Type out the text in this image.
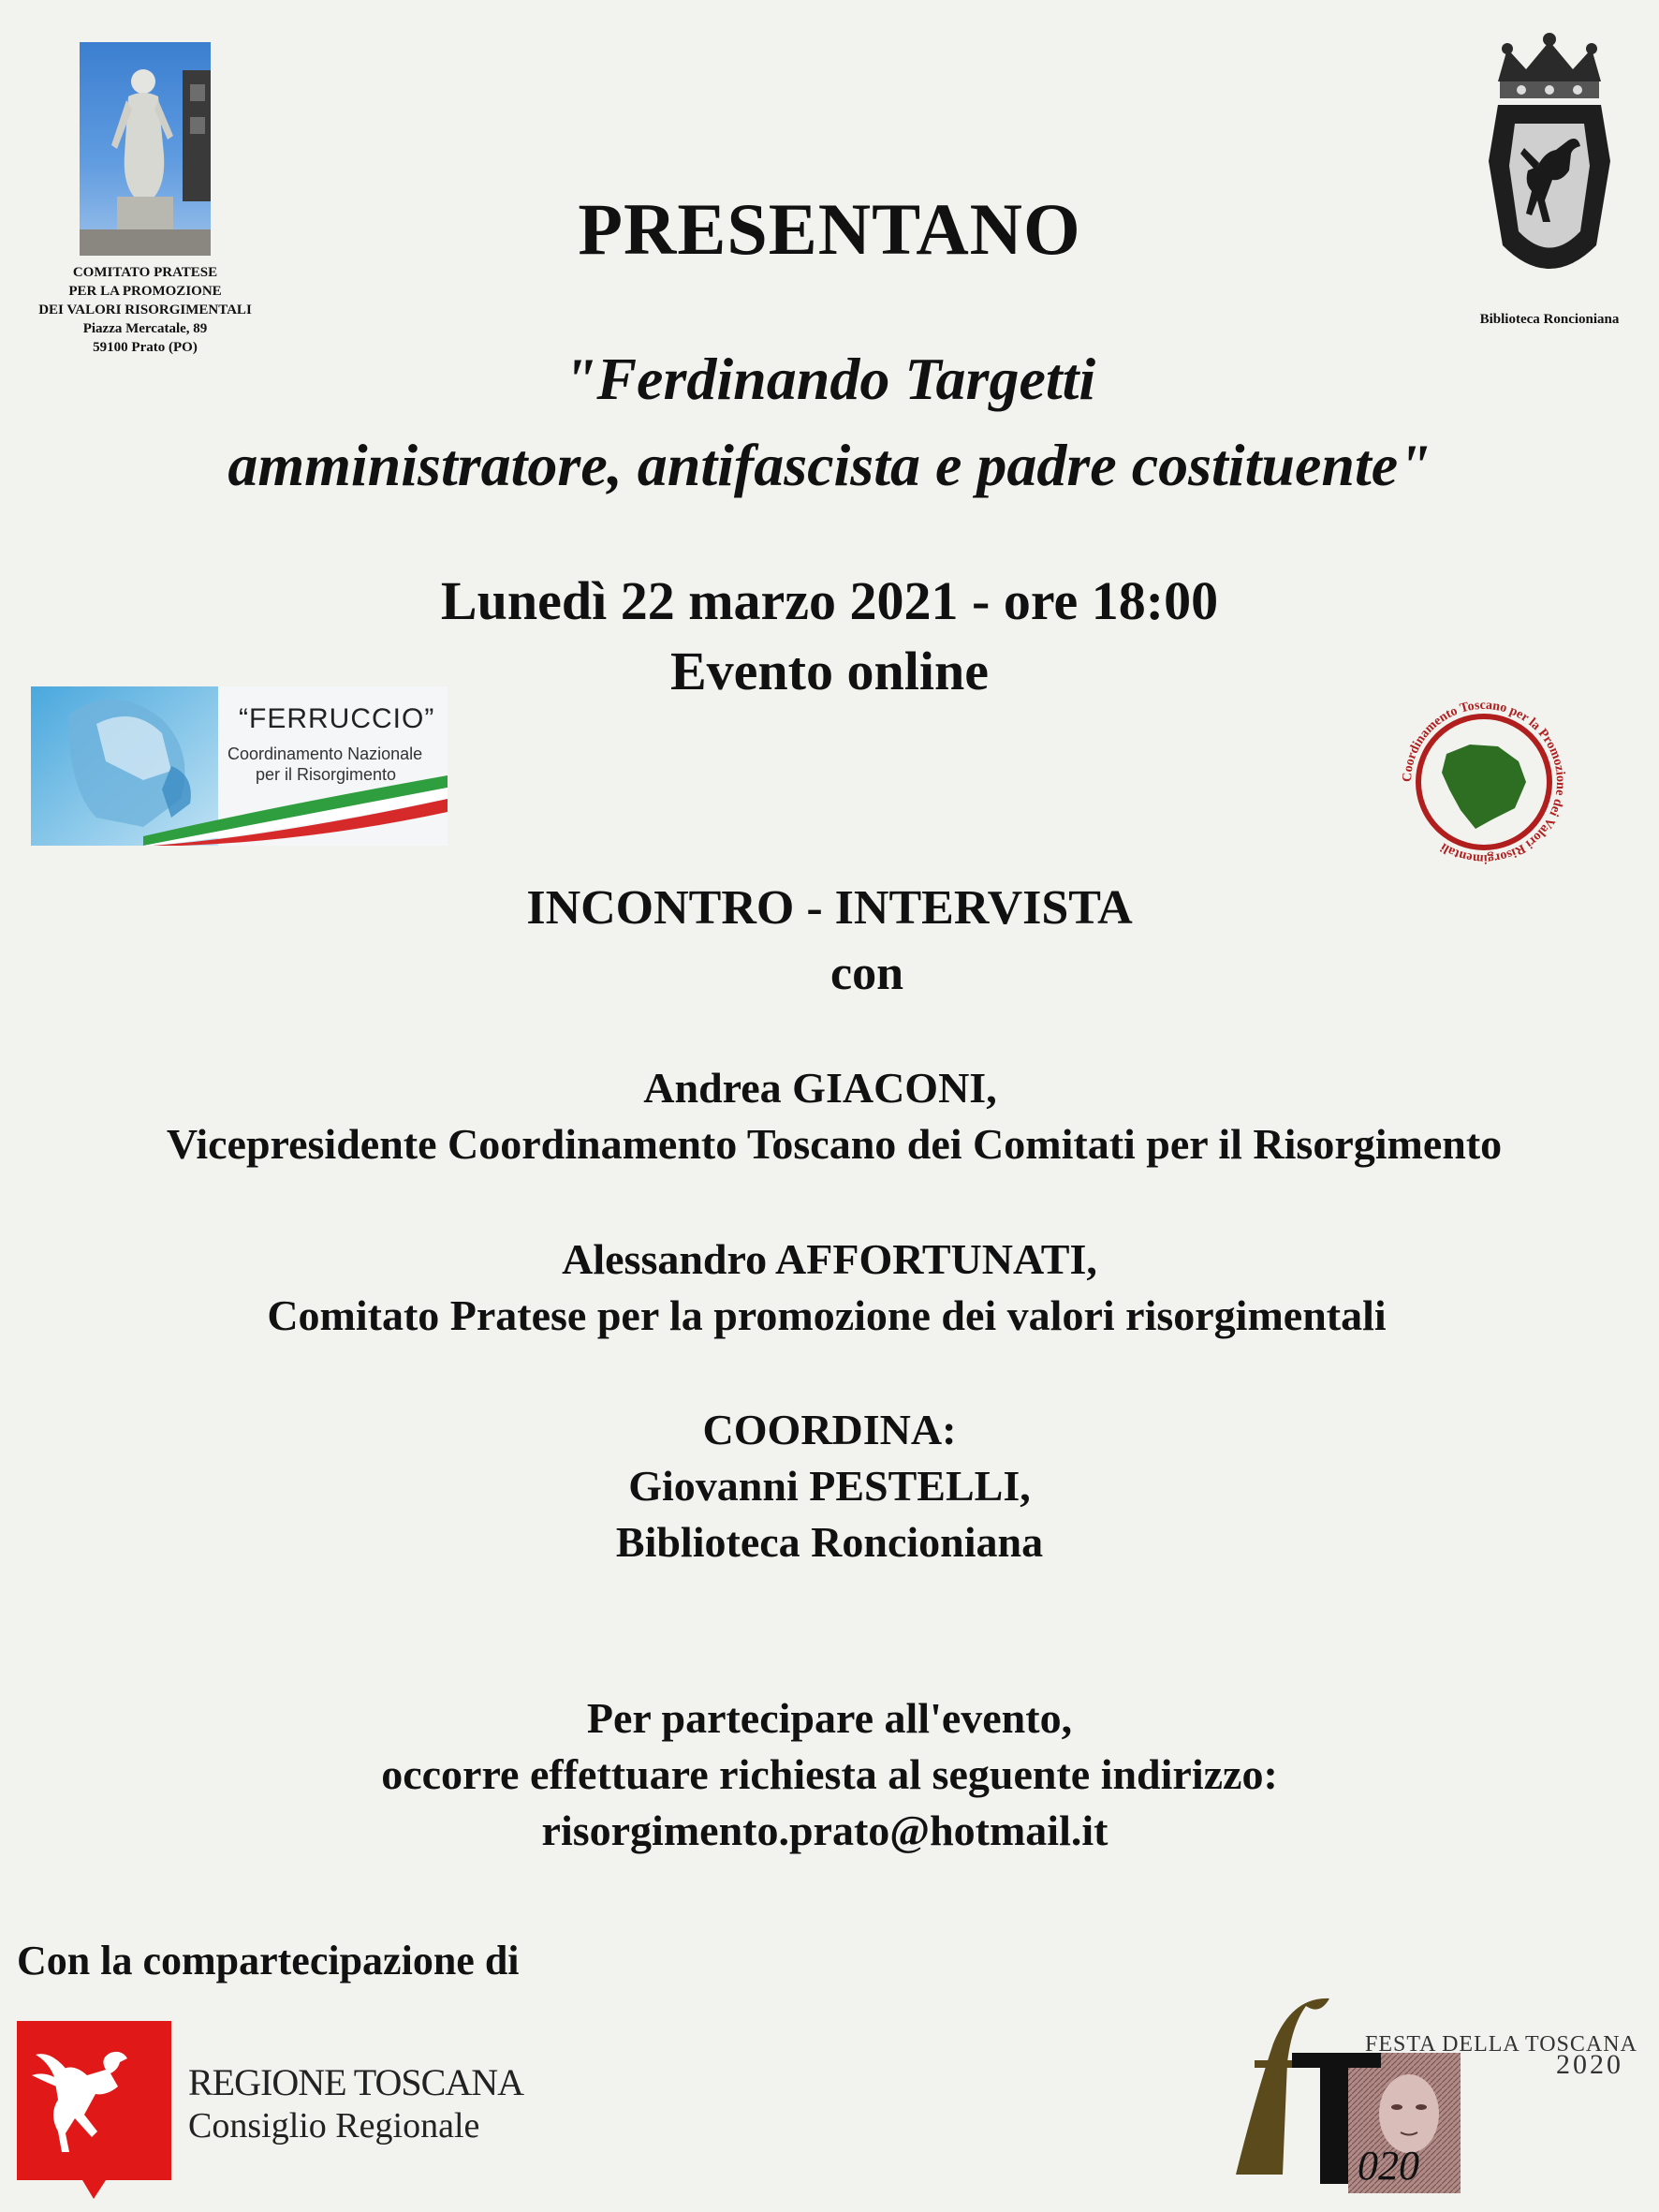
COMITATO PRATESE

PER LA PROMOZIONE

DEI VALORI RISORGIMENTALI

Piazza Mercatale, 89

59100 Prato (PO)

Biblioteca Roncioniana
PRESENTANO
"Ferdinando Targetti
amministratore, antifascista e padre costituente"
Lunedì 22 marzo 2021 - ore 18:00
Evento online
“FERRUCCIO”
Coordinamento Nazionale
per il Risorgimento	Coordinamento Toscano per la Promozione dei Valori Risorgimentali
INCONTRO - INTERVISTA
con
Andrea GIACONI,
Vicepresidente Coordinamento Toscano dei Comitati per il Risorgimento
Alessandro AFFORTUNATI,
Comitato Pratese per la promozione dei valori risorgimentali
COORDINA:
Giovanni PESTELLI,
Biblioteca Roncioniana
Per partecipare all'evento,
occorre effettuare richiesta al seguente indirizzo:
risorgimento.prato@hotmail.it
Con la compartecipazione di
REGIONE TOSCANA
Consiglio Regionale
020
FESTA DELLA TOSCANA
2020
